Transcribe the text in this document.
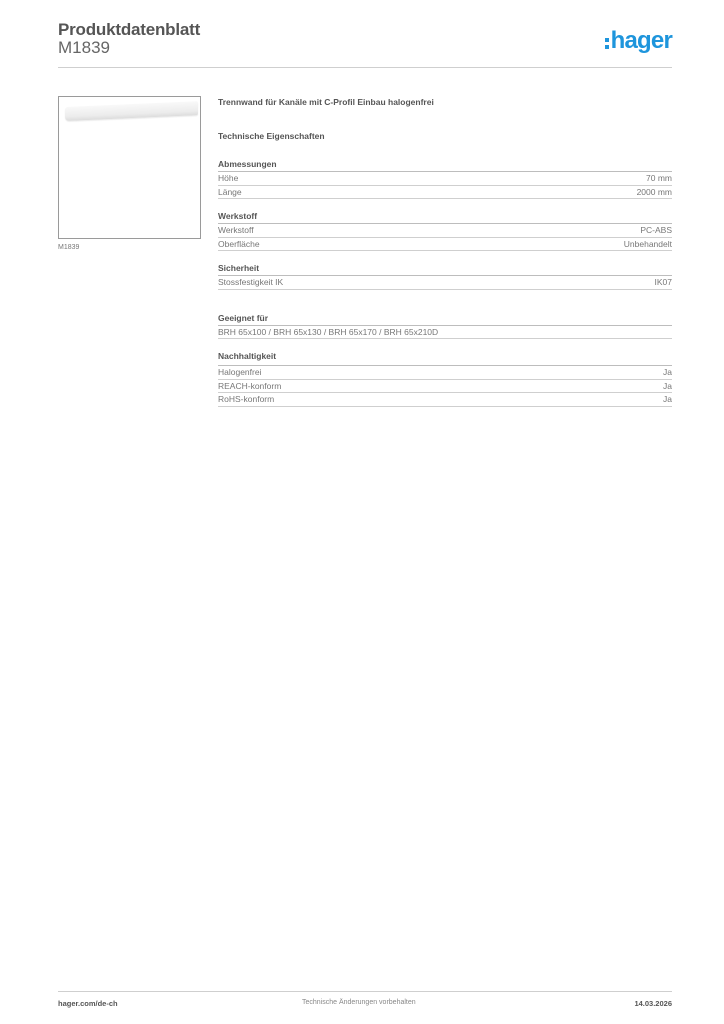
Produktdatenblatt
M1839	hager
M1839
Trennwand für Kanäle mit C-Profil Einbau halogenfrei
Technische Eigenschaften
Abmessungen
Höhe	70 mm
Länge	2000 mm
Werkstoff
Werkstoff	PC-ABS
Oberfläche	Unbehandelt
Sicherheit
Stossfestigkeit IK	IK07
Geeignet für
BRH 65x100 / BRH 65x130 / BRH 65x170 / BRH 65x210D
Nachhaltigkeit
Halogenfrei	Ja
REACH-konform	Ja
RoHS-konform	Ja
hager.com/de-ch	Technische Änderungen vorbehalten	14.03.2026
